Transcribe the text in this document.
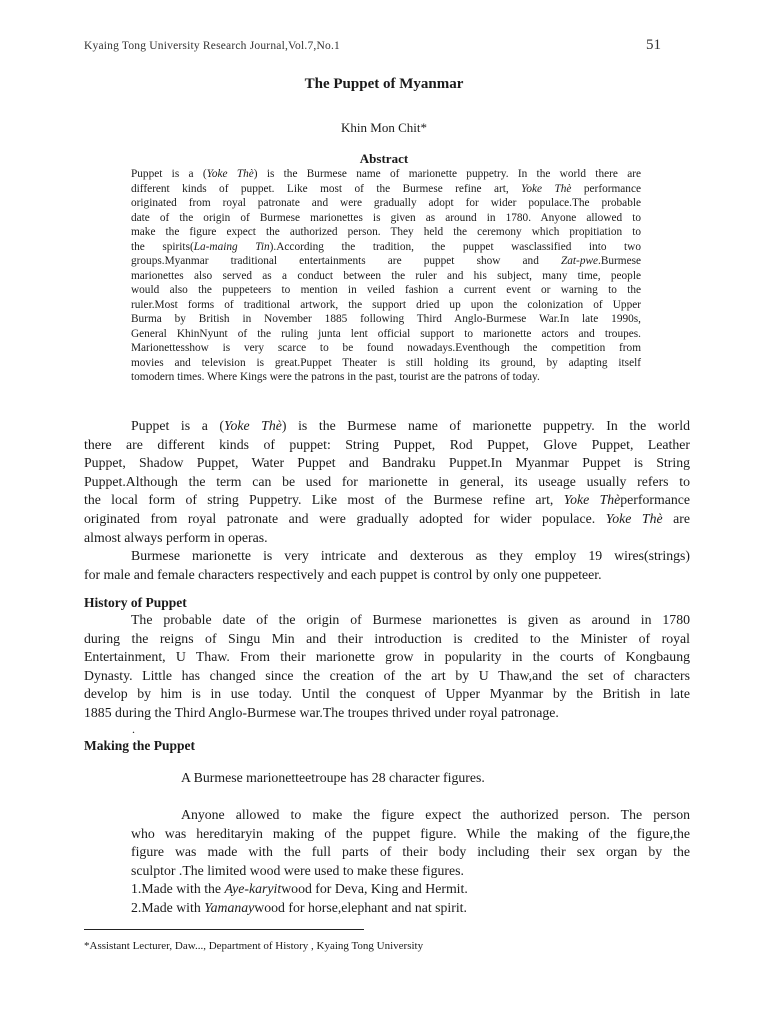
Kyaing Tong University Research Journal,Vol.7,No.1	51
The Puppet of Myanmar
Khin Mon Chit*
Abstract
Puppet is a (Yoke Thè) is the Burmese name of marionette puppetry. In the world there are
different kinds of puppet. Like most of the Burmese refine art, Yoke Thè performance
originated from royal patronate and were gradually adopt for wider populace.The probable
date of the origin of Burmese marionettes is given as around in 1780. Anyone allowed to
make the figure expect the authorized person. They held the ceremony which propitiation to
the spirits(La-maing Tin).According the tradition, the puppet wasclassified into two
groups.Myanmar traditional entertainments are puppet show and Zat-pwe.Burmese
marionettes also served as a conduct between the ruler and his subject, many time, people
would also the puppeteers to mention in veiled fashion a current event or warning to the
ruler.Most forms of traditional artwork, the support dried up upon the colonization of Upper
Burma by British in November 1885 following Third Anglo-Burmese War.In late 1990s,
General KhinNyunt of the ruling junta lent official support to marionette actors and troupes.
Marionettesshow is very scarce to be found nowadays.Eventhough the competition from
movies and television is great.Puppet Theater is still holding its ground, by adapting itself
tomodern times. Where Kings were the patrons in the past, tourist are the patrons of today.
Puppet is a (Yoke Thè) is the Burmese name of marionette puppetry. In the world
there are different kinds of puppet: String Puppet, Rod Puppet, Glove Puppet, Leather
Puppet, Shadow Puppet, Water Puppet and Bandraku Puppet.In Myanmar Puppet is String
Puppet.Although the term can be used for marionette in general, its useage usually refers to
the local form of string Puppetry. Like most of the Burmese refine art, Yoke Thèperformance
originated from royal patronate and were gradually adopted for wider populace. Yoke Thè are
almost always perform in operas.
Burmese marionette is very intricate and dexterous as they employ 19 wires(strings)
for male and female characters respectively and each puppet is control by only one puppeteer.
History of Puppet
The probable date of the origin of Burmese marionettes is given as around in 1780
during the reigns of Singu Min and their introduction is credited to the Minister of royal
Entertainment, U Thaw. From their marionette grow in popularity in the courts of Kongbaung
Dynasty. Little has changed since the creation of the art by U Thaw,and the set of characters
develop by him is in use today. Until the conquest of Upper Myanmar by the British in late
1885 during the Third Anglo-Burmese war.The troupes thrived under royal patronage.
.
Making the Puppet
A Burmese marionetteetroupe has 28 character figures.
Anyone allowed to make the figure expect the authorized person. The person
who was hereditaryin making of the puppet figure. While the making of the figure,the
figure was made with the full parts of their body including their sex organ by the
sculptor .The limited wood were used to make these figures.
1.Made with the Aye-karyitwood for Deva, King and Hermit.
2.Made with Yamanaywood for horse,elephant and nat spirit.
*Assistant Lecturer, Daw..., Department of History , Kyaing Tong University
